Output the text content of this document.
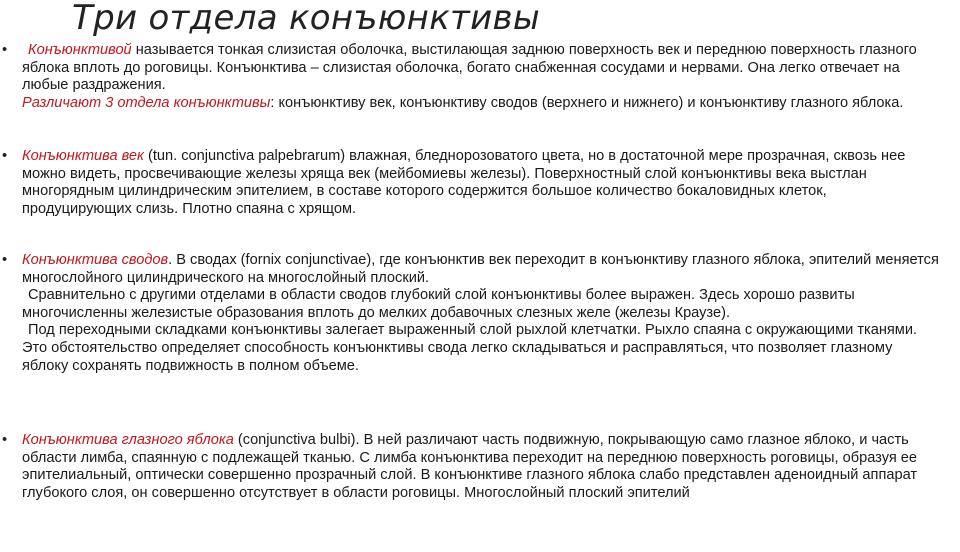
Три отдела конъюнктивы
•	Конъюнктивой называется тонкая слизистая оболочка, выстилающая заднюю поверхность век и переднюю поверхность глазного яблока вплоть до роговицы. Конъюнктива – слизистая оболочка, богато снабженная сосудами и нервами. Она легко отвечает на любые раздражения.
Различают 3 отдела конъюнктивы: конъюнктиву век, конъюнктиву сводов (верхнего и нижнего) и конъюнктиву глазного яблока.

• Конъюнктива век (tun. conjunctiva palpebrarum) влажная, бледнорозоватого цвета, но в достаточной мере прозрачная, сквозь нее можно видеть, просвечивающие железы хряща век (мейбомиевы железы). Поверхностный слой конъюнктивы века выстлан многорядным цилиндрическим эпителием, в составе которого содержится большое количество бокаловидных клеток, продуцирующих слизь. Плотно спаяна с хрящом.

• Конъюнктива сводов. В сводах (fornix conjunctivae), где конъюнктив век переходит в конъюнктиву глазного яблока, эпителий меняется многослойного цилиндрического на многослойный плоский.

Сравнительно с другими отделами в области сводов глубокий слой конъюнктивы более выражен. Здесь хорошо развиты многочисленны железистые образования вплоть до мелких добавочных слезных желе (железы Краузе).

Под переходными складками конъюнктивы залегает выраженный слой рыхлой клетчатки. Рыхло спаяна с окружающими тканями. Это обстоятельство определяет способность конъюнктивы свода легко складываться и расправляться, что позволяет глазному яблоку сохранять подвижность в полном объеме.

• Конъюнктива глазного яблока (conjunctiva bulbi). В ней различают часть подвижную, покрывающую само глазное яблоко, и часть области лимба, спаянную с подлежащей тканью. С лимба конъюнктива переходит на переднюю поверхность роговицы, образуя ее эпителиальный, оптически совершенно прозрачный слой. В конъюнктиве глазного яблока слабо представлен аденоидный аппарат глубокого слоя, он совершенно отсутствует в области роговицы. Многослойный плоский эпителий
